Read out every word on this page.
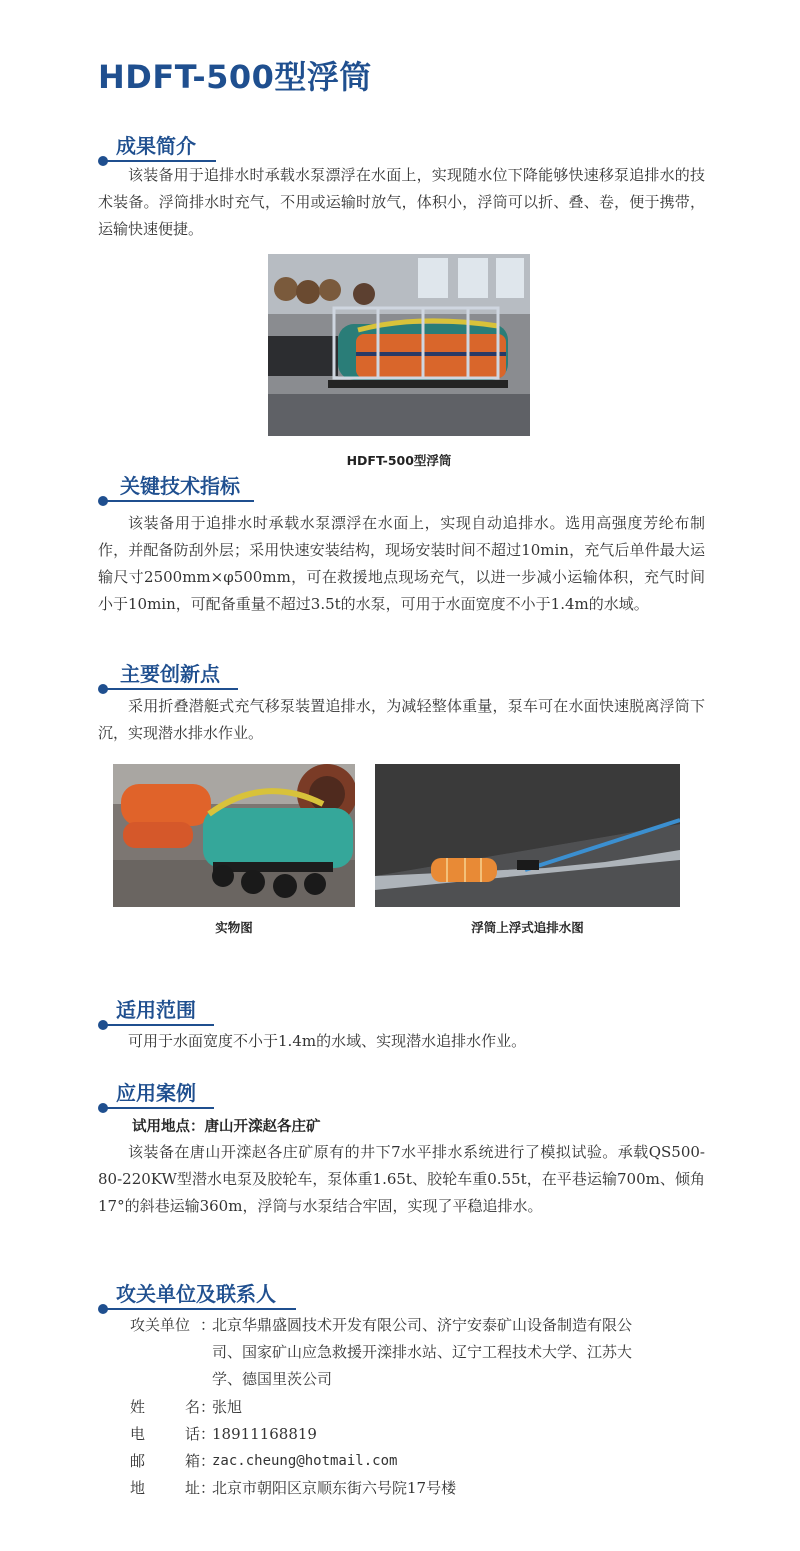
HDFT-500型浮筒
成果简介

该装备用于追排水时承载水泵漂浮在水面上，实现随水位下降能够快速移泵追排水的技术装备。浮筒排水时充气，不用或运输时放气，体积小，浮筒可以折、叠、卷，便于携带，运输快速便捷。

HDFT-500型浮筒
关键技术指标

该装备用于追排水时承载水泵漂浮在水面上，实现自动追排水。选用高强度芳纶布制作，并配备防刮外层；采用快速安装结构，现场安装时间不超过10min，充气后单件最大运输尺寸2500mm×φ500mm，可在救援地点现场充气，以进一步减小运输体积，充气时间小于10min，可配备重量不超过3.5t的水泵，可用于水面宽度不小于1.4m的水域。

主要创新点

采用折叠潜艇式充气移泵装置追排水，为减轻整体重量，泵车可在水面快速脱离浮筒下沉，实现潜水排水作业。

实物图	浮筒上浮式追排水图
适用范围

可用于水面宽度不小于1.4m的水域、实现潜水追排水作业。

应用案例
试用地点：唐山开滦赵各庄矿

该装备在唐山开滦赵各庄矿原有的井下7水平排水系统进行了模拟试验。承载QS500-80-220KW型潜水电泵及胶轮车，泵体重1.65t、胶轮车重0.55t，在平巷运输700m、倾角17°的斜巷运输360m，浮筒与水泵结合牢固，实现了平稳追排水。

攻关单位及联系人
攻关单位 ：
北京华鼎盛圆技术开发有限公司、济宁安泰矿山设备制造有限公司、国家矿山应急救援开滦排水站、辽宁工程技术大学、江苏大学、德国里茨公司
姓	名 ：
张旭
电	话 ：
18911168819
邮	箱 ：
zac.cheung@hotmail.com
地	址 ：
北京市朝阳区京顺东街六号院17号楼
